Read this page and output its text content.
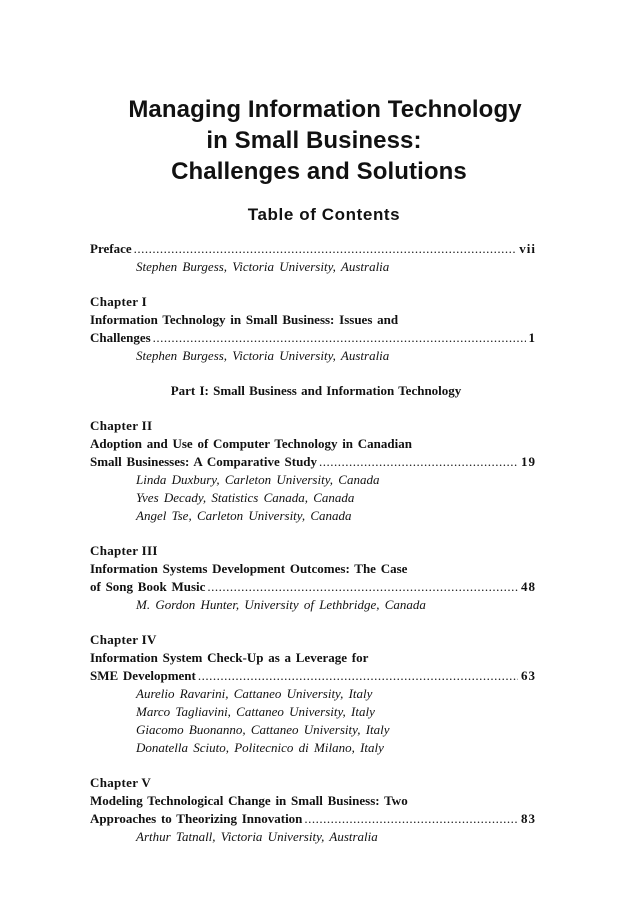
Managing Information Technology
in Small Business:
Challenges and Solutions
Table of Contents
Preface .....	vii
Stephen Burgess, Victoria University, Australia
Chapter I
Information Technology in Small Business: Issues and
Challenges .....	1
Stephen Burgess, Victoria University, Australia
Part I: Small Business and Information Technology
Chapter II
Adoption and Use of Computer Technology in Canadian
Small Businesses: A Comparative Study .....	19
Linda Duxbury, Carleton University, Canada
Yves Decady, Statistics Canada, Canada
Angel Tse, Carleton University, Canada
Chapter III
Information Systems Development Outcomes: The Case
of Song Book Music .....	48
M. Gordon Hunter, University of Lethbridge, Canada
Chapter IV
Information System Check-Up as a Leverage for
SME Development .....	63
Aurelio Ravarini, Cattaneo University, Italy
Marco Tagliavini, Cattaneo University, Italy
Giacomo Buonanno, Cattaneo University, Italy
Donatella Sciuto, Politecnico di Milano, Italy
Chapter V
Modeling Technological Change in Small Business: Two
Approaches to Theorizing Innovation .....	83
Arthur Tatnall, Victoria University, Australia
